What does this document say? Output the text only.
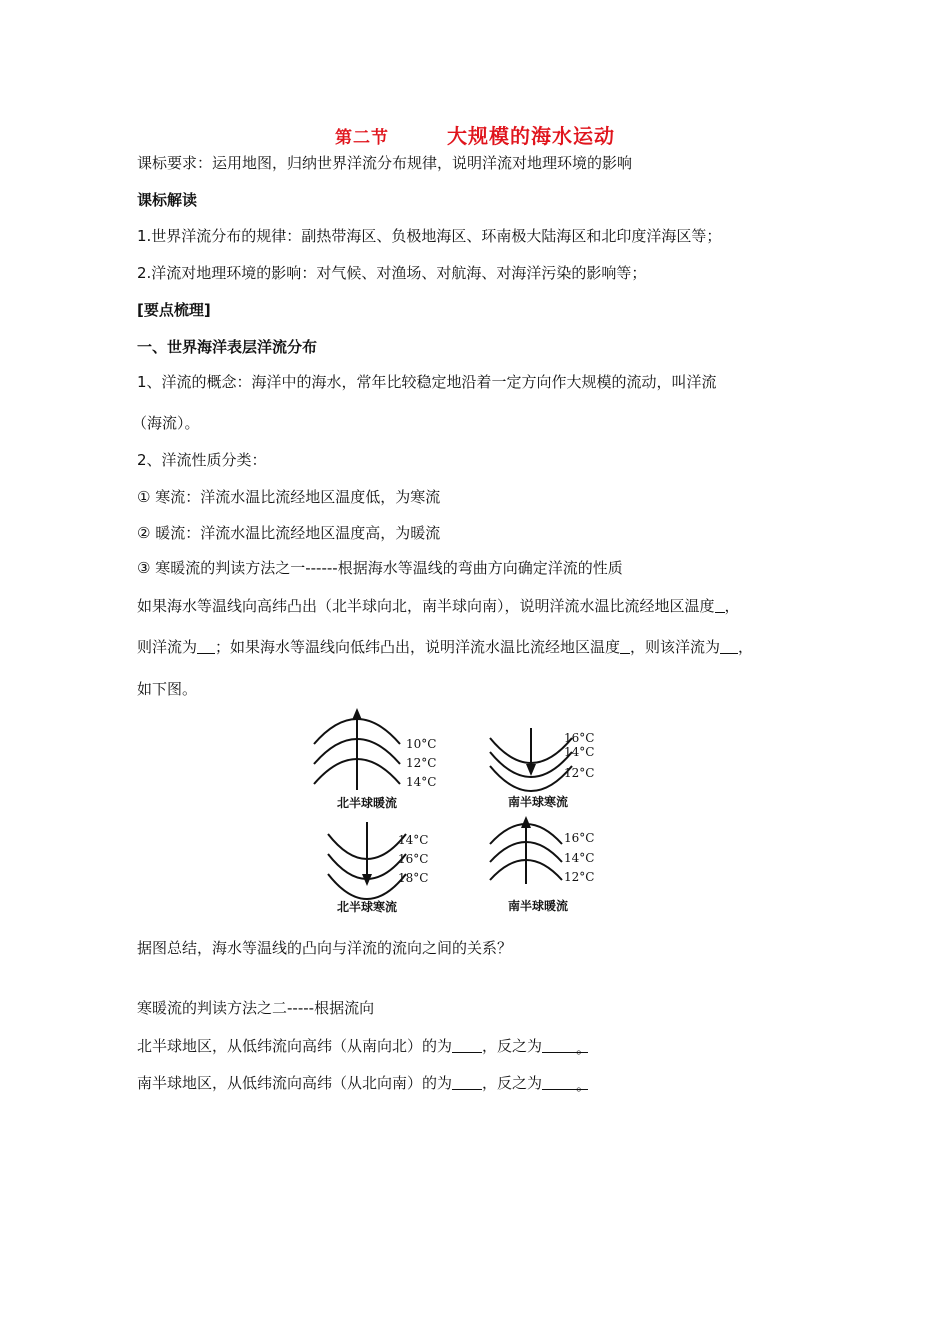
第二节	大规模的海水运动
课标要求：运用地图，归纳世界洋流分布规律，说明洋流对地理环境的影响
课标解读
1.世界洋流分布的规律：副热带海区、负极地海区、环南极大陆海区和北印度洋海区等；
2.洋流对地理环境的影响：对气候、对渔场、对航海、对海洋污染的影响等；
[要点梳理]
一、世界海洋表层洋流分布
1、洋流的概念：海洋中的海水，常年比较稳定地沿着一定方向作大规模的流动，叫洋流
（海流）。
2、洋流性质分类：
① 寒流：洋流水温比流经地区温度低，为寒流
② 暖流：洋流水温比流经地区温度高，为暖流
③ 寒暖流的判读方法之一------根据海水等温线的弯曲方向确定洋流的性质
如果海水等温线向高纬凸出（北半球向北，南半球向南），说明洋流水温比流经地区温度 ，
则洋流为 ；如果海水等温线向低纬凸出，说明洋流水温比流经地区温度 ，则该洋流为 ，
如下图。
10°C
12°C
14°C
16°C
14°C
12°C
14°C
16°C
18°C
16°C
14°C
12°C
北半球暖流	南半球寒流
北半球寒流	南半球暖流
据图总结，海水等温线的凸向与洋流的流向之间的关系？
寒暖流的判读方法之二-----根据流向
北半球地区，从低纬流向高纬（从南向北）的为 ，反之为 。
南半球地区，从低纬流向高纬（从北向南）的为 ，反之为 。
